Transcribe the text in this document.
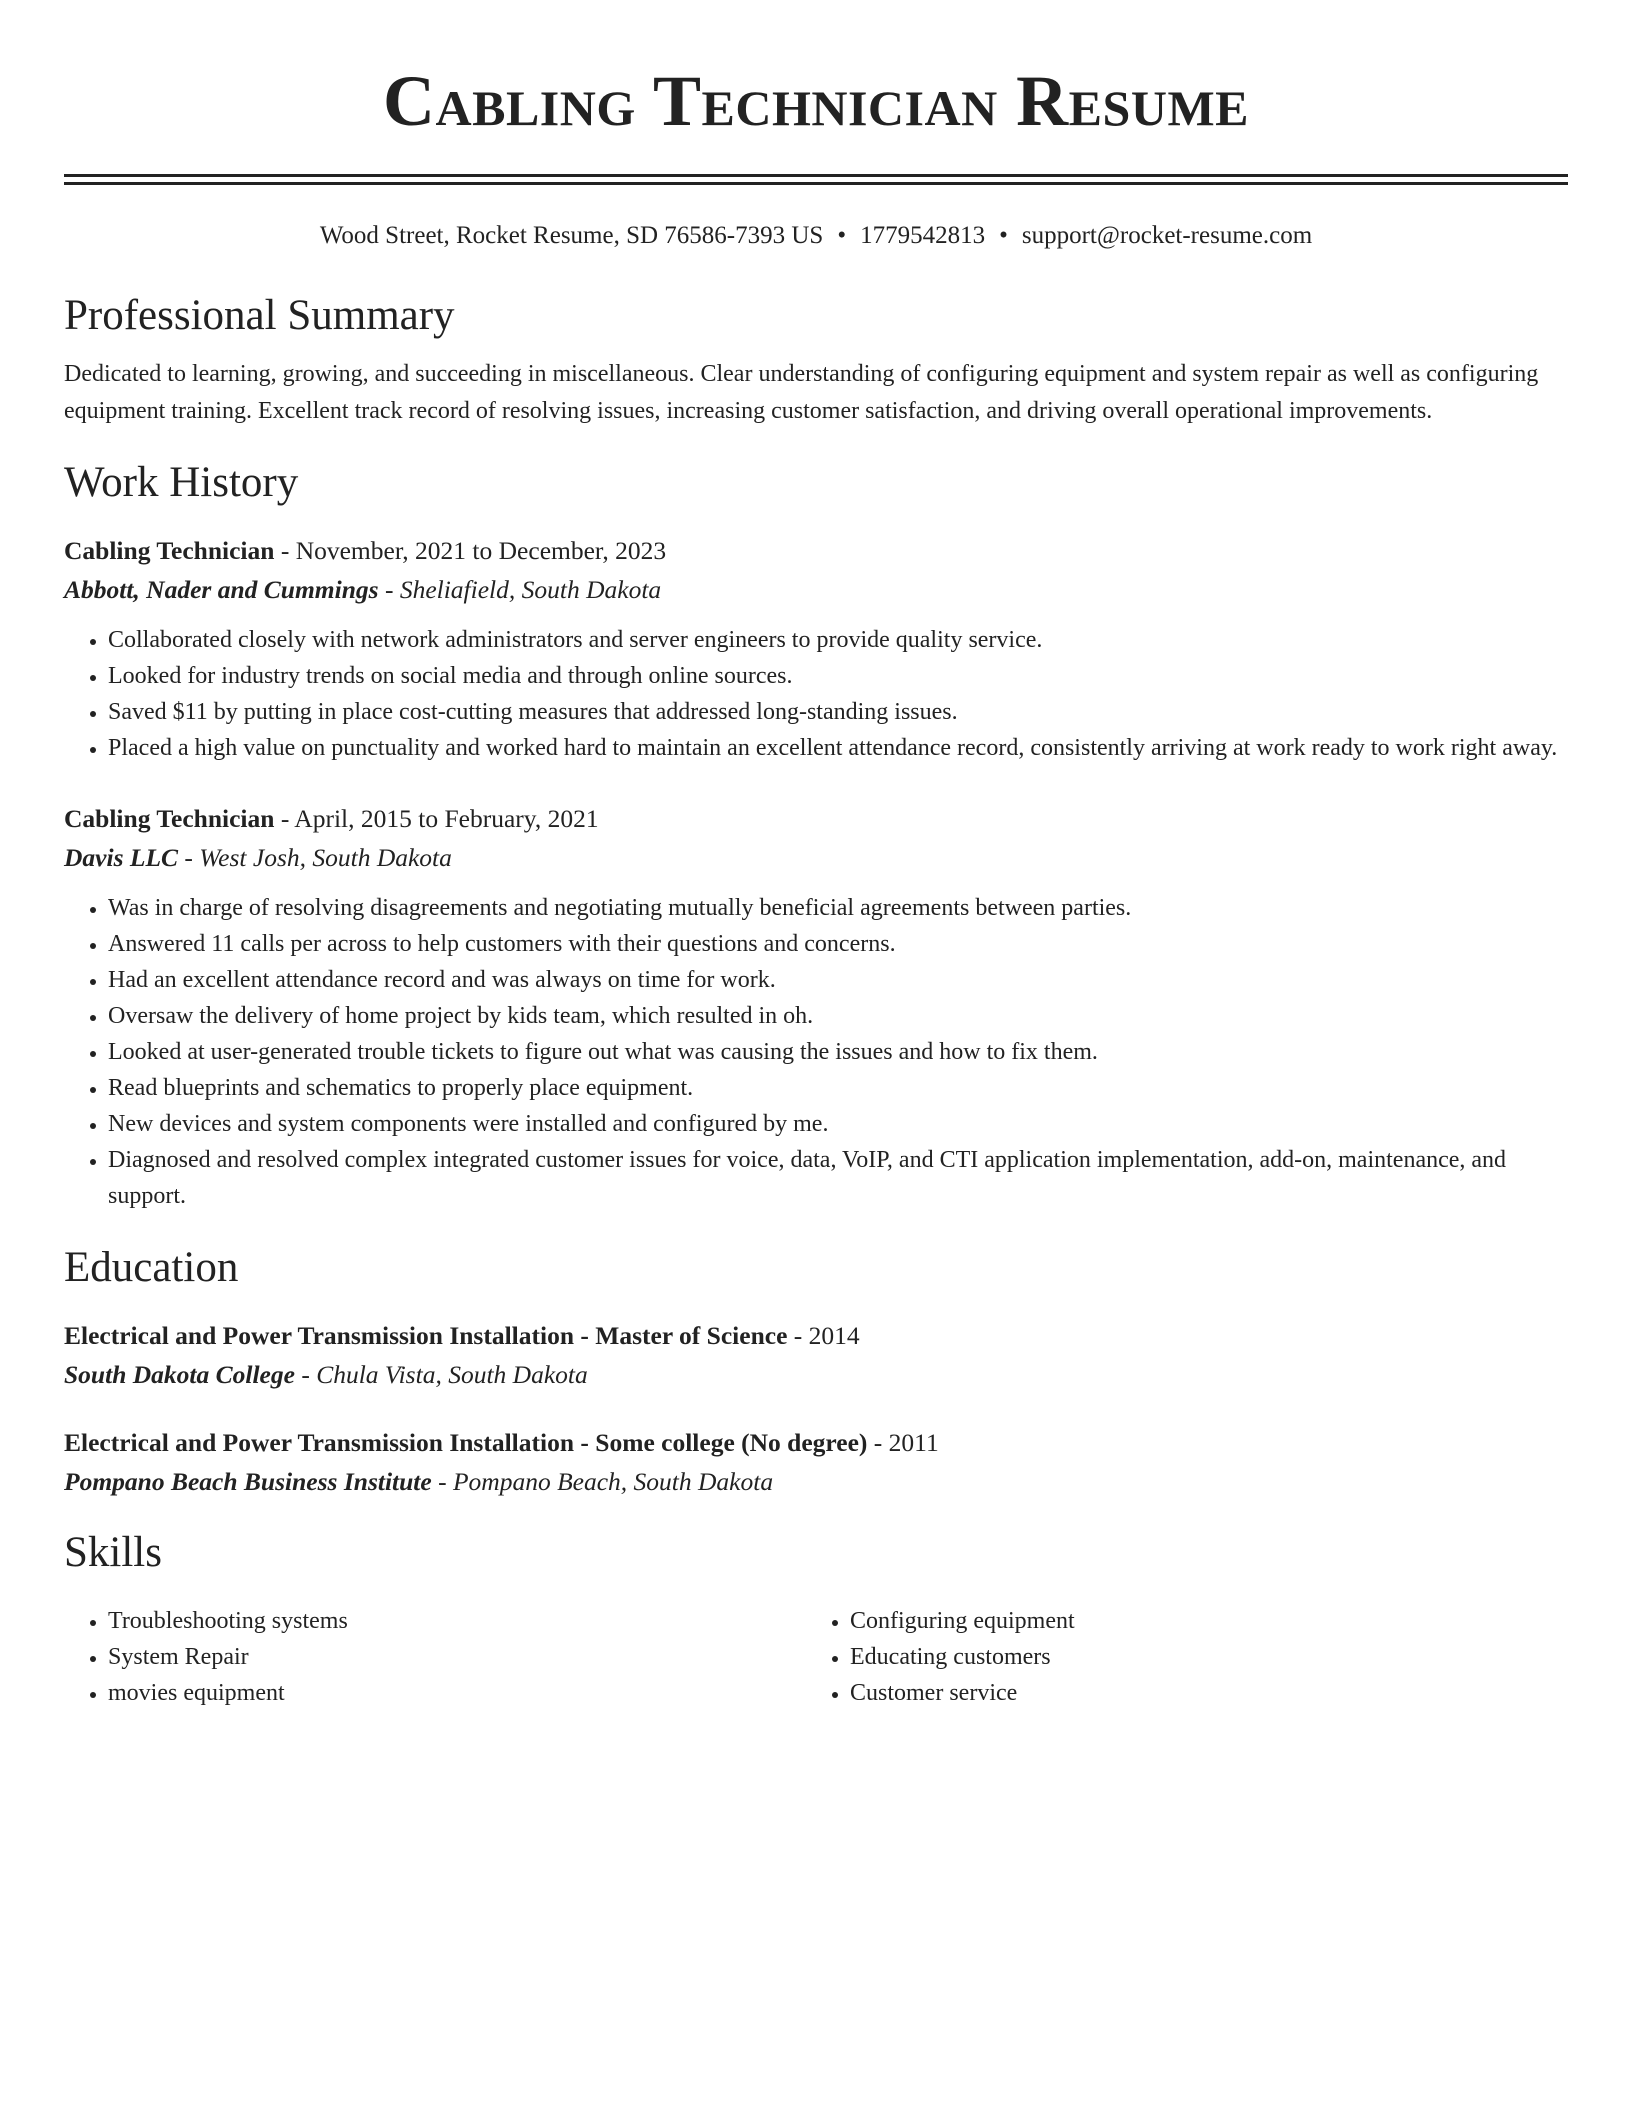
Cabling Technician Resume
Wood Street, Rocket Resume, SD 76586-7393 US • 1779542813 • support@rocket-resume.com
Professional Summary
Dedicated to learning, growing, and succeeding in miscellaneous. Clear understanding of configuring equipment and system repair as well as configuring equipment training. Excellent track record of resolving issues, increasing customer satisfaction, and driving overall operational improvements.
Work History
Cabling Technician - November, 2021 to December, 2023
Abbott, Nader and Cummings - Sheliafield, South Dakota
• Collaborated closely with network administrators and server engineers to provide quality service.
• Looked for industry trends on social media and through online sources.
• Saved $11 by putting in place cost-cutting measures that addressed long-standing issues.
• Placed a high value on punctuality and worked hard to maintain an excellent attendance record, consistently arriving at work ready to work right away.
Cabling Technician - April, 2015 to February, 2021
Davis LLC - West Josh, South Dakota
• Was in charge of resolving disagreements and negotiating mutually beneficial agreements between parties.
• Answered 11 calls per across to help customers with their questions and concerns.
• Had an excellent attendance record and was always on time for work.
• Oversaw the delivery of home project by kids team, which resulted in oh.
• Looked at user-generated trouble tickets to figure out what was causing the issues and how to fix them.
• Read blueprints and schematics to properly place equipment.
• New devices and system components were installed and configured by me.
• Diagnosed and resolved complex integrated customer issues for voice, data, VoIP, and CTI application implementation, add-on, maintenance, and support.
Education
Electrical and Power Transmission Installation - Master of Science - 2014
South Dakota College - Chula Vista, South Dakota
Electrical and Power Transmission Installation - Some college (No degree) - 2011
Pompano Beach Business Institute - Pompano Beach, South Dakota
Skills
• Troubleshooting systems
• System Repair
• movies equipment
• Configuring equipment
• Educating customers
• Customer service
